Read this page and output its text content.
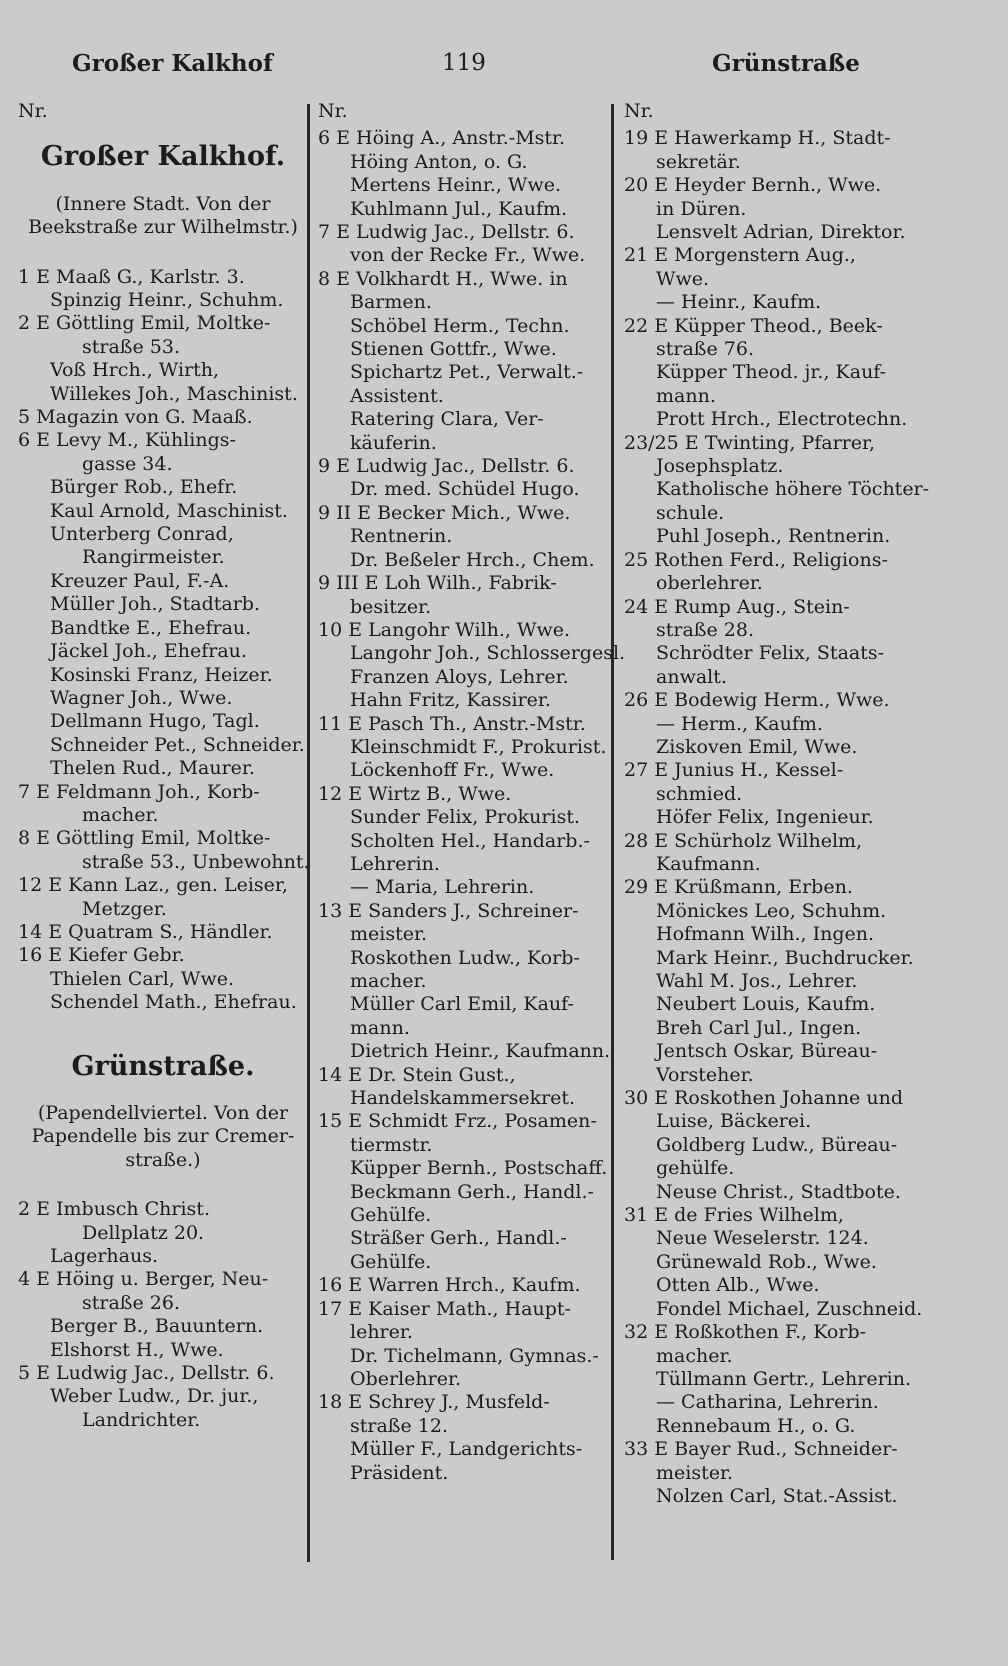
Großer Kalkhof	119	Grünstraße
Nr.
Großer Kalkhof.
(Innere Stadt. Von der
Beekstraße zur Wilhelmstr.)
1 E Maaß G., Karlstr. 3.
Spinzig Heinr., Schuhm.
2 E Göttling Emil, Moltke-
straße 53.
Voß Hrch., Wirth,
Willekes Joh., Maschinist.
5 Magazin von G. Maaß.
6 E Levy M., Kühlings-
gasse 34.
Bürger Rob., Ehefr.
Kaul Arnold, Maschinist.
Unterberg Conrad,
Rangirmeister.
Kreuzer Paul, F.-A.
Müller Joh., Stadtarb.
Bandtke E., Ehefrau.
Jäckel Joh., Ehefrau.
Kosinski Franz, Heizer.
Wagner Joh., Wwe.
Dellmann Hugo, Tagl.
Schneider Pet., Schneider.
Thelen Rud., Maurer.
7 E Feldmann Joh., Korb-
macher.
8 E Göttling Emil, Moltke-
straße 53., Unbewohnt.
12 E Kann Laz., gen. Leiser,
Metzger.
14 E Quatram S., Händler.
16 E Kiefer Gebr.
Thielen Carl, Wwe.
Schendel Math., Ehefrau.
Grünstraße.
(Papendellviertel. Von der
Papendelle bis zur Cremer-
straße.)
2 E Imbusch Christ.
Dellplatz 20.
Lagerhaus.
4 E Höing u. Berger, Neu-
straße 26.
Berger B., Bauuntern.
Elshorst H., Wwe.
5 E Ludwig Jac., Dellstr. 6.
Weber Ludw., Dr. jur.,
Landrichter.
Nr.
6 E Höing A., Anstr.-Mstr.
Höing Anton, o. G.
Mertens Heinr., Wwe.
Kuhlmann Jul., Kaufm.
7 E Ludwig Jac., Dellstr. 6.
von der Recke Fr., Wwe.
8 E Volkhardt H., Wwe. in
Barmen.
Schöbel Herm., Techn.
Stienen Gottfr., Wwe.
Spichartz Pet., Verwalt.-
Assistent.
Ratering Clara, Ver-
käuferin.
9 E Ludwig Jac., Dellstr. 6.
Dr. med. Schüdel Hugo.
9 II E Becker Mich., Wwe.
Rentnerin.
Dr. Beßeler Hrch., Chem.
9 III E Loh Wilh., Fabrik-
besitzer.
10 E Langohr Wilh., Wwe.
Langohr Joh., Schlossergesl.
Franzen Aloys, Lehrer.
Hahn Fritz, Kassirer.
11 E Pasch Th., Anstr.-Mstr.
Kleinschmidt F., Prokurist.
Löckenhoff Fr., Wwe.
12 E Wirtz B., Wwe.
Sunder Felix, Prokurist.
Scholten Hel., Handarb.-
Lehrerin.
— Maria, Lehrerin.
13 E Sanders J., Schreiner-
meister.
Roskothen Ludw., Korb-
macher.
Müller Carl Emil, Kauf-
mann.
Dietrich Heinr., Kaufmann.
14 E Dr. Stein Gust.,
Handelskammersekret.
15 E Schmidt Frz., Posamen-
tiermstr.
Küpper Bernh., Postschaff.
Beckmann Gerh., Handl.-
Gehülfe.
Sträßer Gerh., Handl.-
Gehülfe.
16 E Warren Hrch., Kaufm.
17 E Kaiser Math., Haupt-
lehrer.
Dr. Tichelmann, Gymnas.-
Oberlehrer.
18 E Schrey J., Musfeld-
straße 12.
Müller F., Landgerichts-
Präsident.
Nr.
19 E Hawerkamp H., Stadt-
sekretär.
20 E Heyder Bernh., Wwe.
in Düren.
Lensvelt Adrian, Direktor.
21 E Morgenstern Aug.,
Wwe.
— Heinr., Kaufm.
22 E Küpper Theod., Beek-
straße 76.
Küpper Theod. jr., Kauf-
mann.
Prott Hrch., Electrotechn.
23/25 E Twinting, Pfarrer,
Josephsplatz.
Katholische höhere Töchter-
schule.
Puhl Joseph., Rentnerin.
25 Rothen Ferd., Religions-
oberlehrer.
24 E Rump Aug., Stein-
straße 28.
Schrödter Felix, Staats-
anwalt.
26 E Bodewig Herm., Wwe.
— Herm., Kaufm.
Ziskoven Emil, Wwe.
27 E Junius H., Kessel-
schmied.
Höfer Felix, Ingenieur.
28 E Schürholz Wilhelm,
Kaufmann.
29 E Krüßmann, Erben.
Mönickes Leo, Schuhm.
Hofmann Wilh., Ingen.
Mark Heinr., Buchdrucker.
Wahl M. Jos., Lehrer.
Neubert Louis, Kaufm.
Breh Carl Jul., Ingen.
Jentsch Oskar, Büreau-
Vorsteher.
30 E Roskothen Johanne und
Luise, Bäckerei.
Goldberg Ludw., Büreau-
gehülfe.
Neuse Christ., Stadtbote.
31 E de Fries Wilhelm,
Neue Weselerstr. 124.
Grünewald Rob., Wwe.
Otten Alb., Wwe.
Fondel Michael, Zuschneid.
32 E Roßkothen F., Korb-
macher.
Tüllmann Gertr., Lehrerin.
— Catharina, Lehrerin.
Rennebaum H., o. G.
33 E Bayer Rud., Schneider-
meister.
Nolzen Carl, Stat.-Assist.
